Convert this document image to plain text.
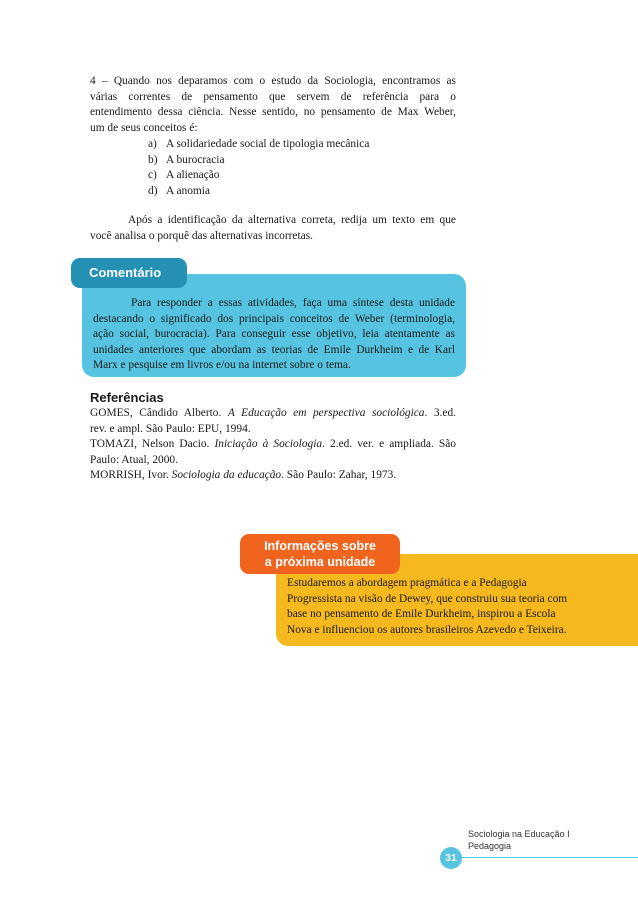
4 – Quando nos deparamos com o estudo da Sociologia, encontramos as
várias correntes de pensamento que servem de referência para o
entendimento dessa ciência. Nesse sentido, no pensamento de Max Weber,
um de seus conceitos é:
a) A solidariedade social de tipologia mecânica
b) A burocracia
c) A alienação
d) A anomia
Após a identificação da alternativa correta, redija um texto em que
você analisa o porquê das alternativas incorretas.
Comentário
Para responder a essas atividades, faça uma síntese desta unidade
destacando o significado dos principais conceitos de Weber (terminologia,
ação social, burocracia). Para conseguir esse objetivo, leia atentamente as
unidades anteriores que abordam as teorias de Emile Durkheim e de Karl
Marx e pesquise em livros e/ou na internet sobre o tema.
Referências
GOMES, Cândido Alberto. A Educação em perspectiva sociológica. 3.ed.
rev. e ampl. São Paulo: EPU, 1994.
TOMAZI, Nelson Dacio. Iniciação à Sociologia. 2.ed. ver. e ampliada. São
Paulo: Atual, 2000.
MORRISH, Ivor. Sociologia da educação. São Paulo: Zahar, 1973.
Informações sobre
a próxima unidade
Estudaremos a abordagem pragmática e a Pedagogia
Progressista na visão de Dewey, que construiu sua teoria com
base no pensamento de Emile Durkheim, inspirou a Escola
Nova e influenciou os autores brasileiros Azevedo e Teixeira.
Sociologia na Educação I
Pedagogia
31
